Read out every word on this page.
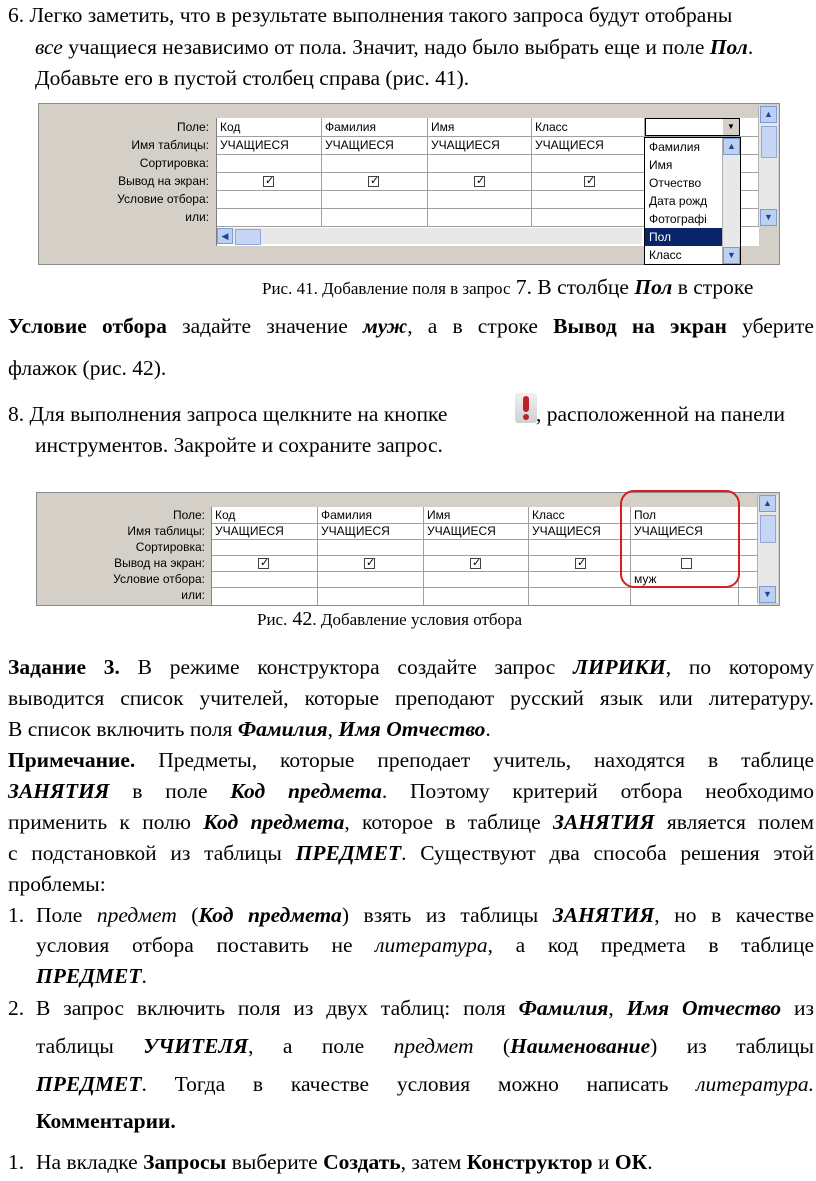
6. Легко заметить, что в результате выполнения такого запроса будут отобраны
все учащиеся независимо от пола. Значит, надо было выбрать еще и поле Пол.
Добавьте его в пустой столбец справа (рис. 41).
Поле:
Имя таблицы:
Сортировка:
Вывод на экран:
Условие отбора:
или:
Код
УЧАЩИЕСЯ
✓
Фамилия
УЧАЩИЕСЯ
✓
Имя
УЧАЩИЕСЯ
✓
Класс
УЧАЩИЕСЯ
✓
▼
◀
Фамилия
Имя
Отчество
Дата рожд
Фотографі
Пол
Класс
▲
▼
▲
▼
Рис. 41. Добавление поля в запрос 7. В столбце Пол в строке
Условие отбора задайте значение муж, а в строке Вывод на экран уберите
флажок (рис. 42).
8. Для выполнения запроса щелкните на кнопке	, расположенной на панели
инструментов. Закройте и сохраните запрос.
Поле:
Имя таблицы:
Сортировка:
Вывод на экран:
Условие отбора:
или:
Код
УЧАЩИЕСЯ
✓
Фамилия
УЧАЩИЕСЯ
✓
Имя
УЧАЩИЕСЯ
✓
Класс
УЧАЩИЕСЯ
✓
Пол
УЧАЩИЕСЯ
муж
▲
▼
Рис. 42. Добавление условия отбора
Задание 3. В режиме конструктора создайте запрос ЛИРИКИ, по которому
выводится список учителей, которые преподают русский язык или литературу.
В список включить поля Фамилия, Имя Отчество.
Примечание. Предметы, которые преподает учитель, находятся в таблице
ЗАНЯТИЯ в поле Код предмета. Поэтому критерий отбора необходимо
применить к полю Код предмета, которое в таблице ЗАНЯТИЯ является полем
с подстановкой из таблицы ПРЕДМЕТ. Существуют два способа решения этой
проблемы:
1. Поле предмет (Код предмета) взять из таблицы ЗАНЯТИЯ, но в качестве
условия отбора поставить не литература, а код предмета в таблице
ПРЕДМЕТ.
2. В запрос включить поля из двух таблиц: поля Фамилия, Имя Отчество из
таблицы УЧИТЕЛЯ, а поле предмет (Наименование) из таблицы
ПРЕДМЕТ. Тогда в качестве условия можно написать литература.
Комментарии.
1. На вкладке Запросы выберите Создать, затем Конструктор и ОК.
